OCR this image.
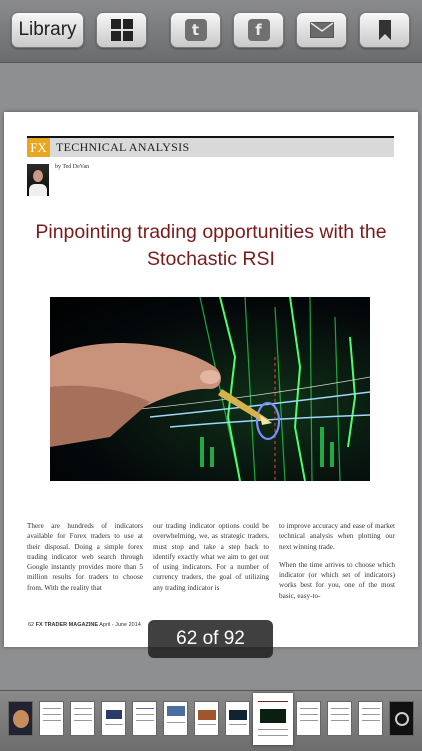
Library	t	f
FX TECHNICAL ANALYSIS
by Ted DeVan
Pinpointing trading opportunities with the Stochastic RSI

There are hundreds of indicators available for Forex traders to use at their disposal. Doing a simple forex trading indicator web search through Google instantly provides more than 5 million results for traders to choose from. With the reality that

our trading indicator options could be overwhelming, we, as strategic traders, must stop and take a step back to identify exactly what we aim to get out of using indicators. For a number of currency traders, the goal of utilizing any trading indicator is

to improve accuracy and ease of market technical analysis when plotting our next winning trade.

When the time arrives to choose which indicator (or which set of indicators) works best for you, one of the most basic, easy-to-

62 FX TRADER MAGAZINE April - June 2014
62 of 92
